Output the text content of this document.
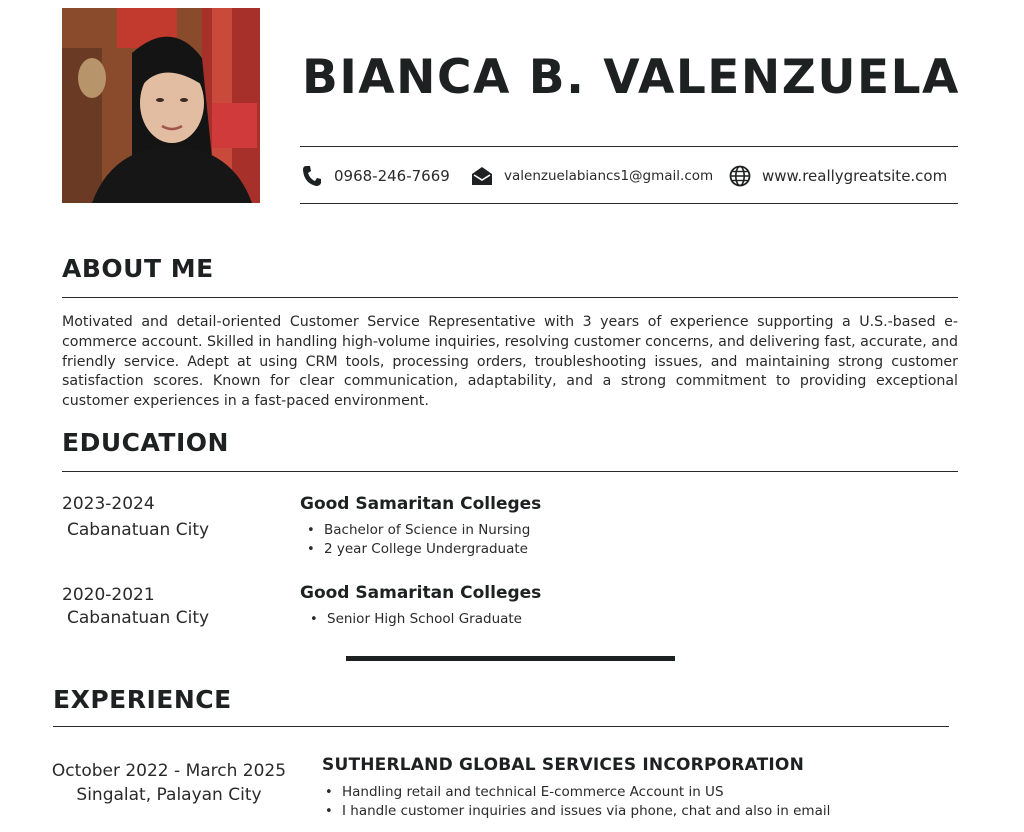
BIANCA B. VALENZUELA
0968-246-7669	valenzuelabiancs1@gmail.com	www.reallygreatsite.com
ABOUT ME
Motivated and detail-oriented Customer Service Representative with 3 years of experience supporting a U.S.-based e-commerce account. Skilled in handling high-volume inquiries, resolving customer concerns, and delivering fast, accurate, and friendly service. Adept at using CRM tools, processing orders, troubleshooting issues, and maintaining strong customer satisfaction scores. Known for clear communication, adaptability, and a strong commitment to providing exceptional customer experiences in a fast-paced environment.
EDUCATION
2023-2024
Cabanatuan City
Good Samaritan Colleges
• Bachelor of Science in Nursing
• 2 year College Undergraduate
2020-2021
Cabanatuan City
Good Samaritan Colleges
• Senior High School Graduate
EXPERIENCE
October 2022 - March 2025
Singalat, Palayan City
SUTHERLAND GLOBAL SERVICES INCORPORATION
• Handling retail and technical E-commerce Account in US
• I handle customer inquiries and issues via phone, chat and also in email
